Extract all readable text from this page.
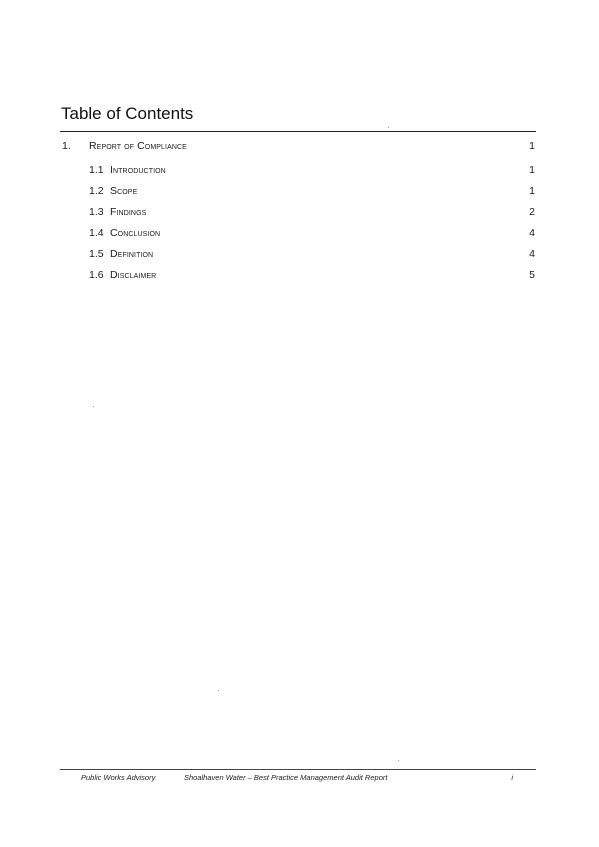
Table of Contents
1. Report of Compliance	1
1.1 Introduction	1
1.2 Scope	1
1.3 Findings	2
1.4 Conclusion	4
1.5 Definition	4
1.6 Disclaimer	5
Public Works Advisory	Shoalhaven Water – Best Practice Management Audit Report	i
